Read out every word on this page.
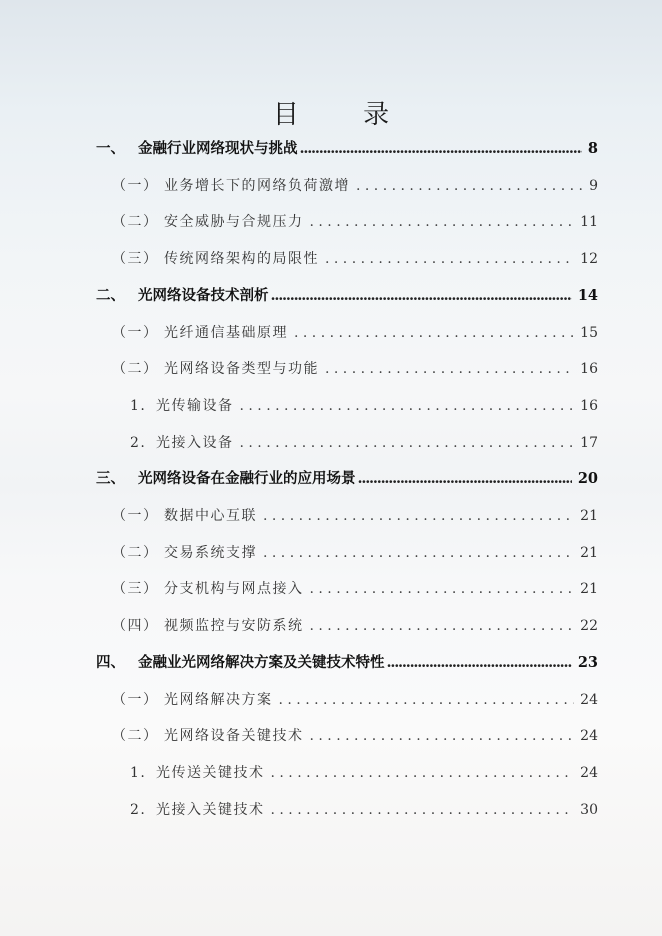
目 录
一、 金融行业网络现状与挑战 .....	8
（一） 业务增长下的网络负荷激增 . . .	9
（二） 安全威胁与合规压力 . . .	11
（三） 传统网络架构的局限性 . . .	12
二、 光网络设备技术剖析 .....	14
（一） 光纤通信基础原理 . . .	15
（二） 光网络设备类型与功能 . . .	16
1. 光传输设备 . . .	16
2. 光接入设备 . . .	17
三、 光网络设备在金融行业的应用场景 .....	20
（一） 数据中心互联 . . .	21
（二） 交易系统支撑 . . .	21
（三） 分支机构与网点接入 . . .	21
（四） 视频监控与安防系统 . . .	22
四、 金融业光网络解决方案及关键技术特性 .....	23
（一） 光网络解决方案 . . .	24
（二） 光网络设备关键技术 . . .	24
1. 光传送关键技术 . . .	24
2. 光接入关键技术 . . .	30
